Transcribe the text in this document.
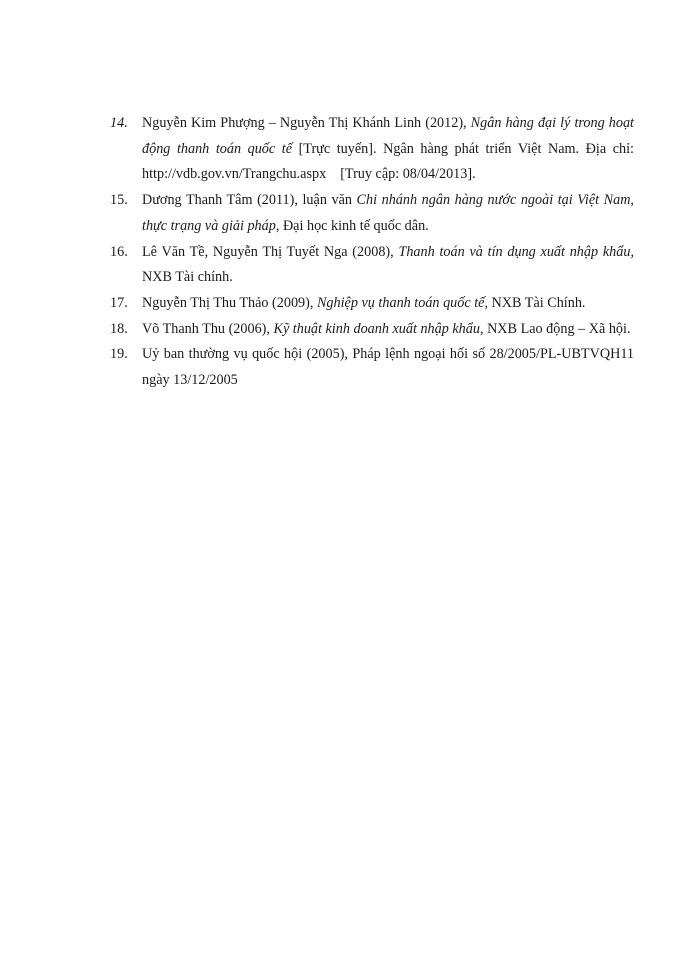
14.	Nguyễn Kim Phượng – Nguyễn Thị Khánh Linh (2012), Ngân hàng đại lý trong hoạt động thanh toán quốc tế [Trực tuyến]. Ngân hàng phát triển Việt Nam. Địa chỉ: http://vdb.gov.vn/Trangchu.aspx [Truy cập: 08/04/2013].
15.	Dương Thanh Tâm (2011), luận văn Chi nhánh ngân hàng nước ngoài tại Việt Nam, thực trạng và giải pháp, Đại học kinh tế quốc dân.
16.	Lê Văn Tề, Nguyễn Thị Tuyết Nga (2008), Thanh toán và tín dụng xuất nhập khẩu, NXB Tài chính.
17.	Nguyễn Thị Thu Thảo (2009), Nghiệp vụ thanh toán quốc tế, NXB Tài Chính.
18.	Võ Thanh Thu (2006), Kỹ thuật kinh doanh xuất nhập khẩu, NXB Lao động – Xã hội.
19.	Uỷ ban thường vụ quốc hội (2005), Pháp lệnh ngoại hối số 28/2005/PL-UBTVQH11 ngày 13/12/2005
